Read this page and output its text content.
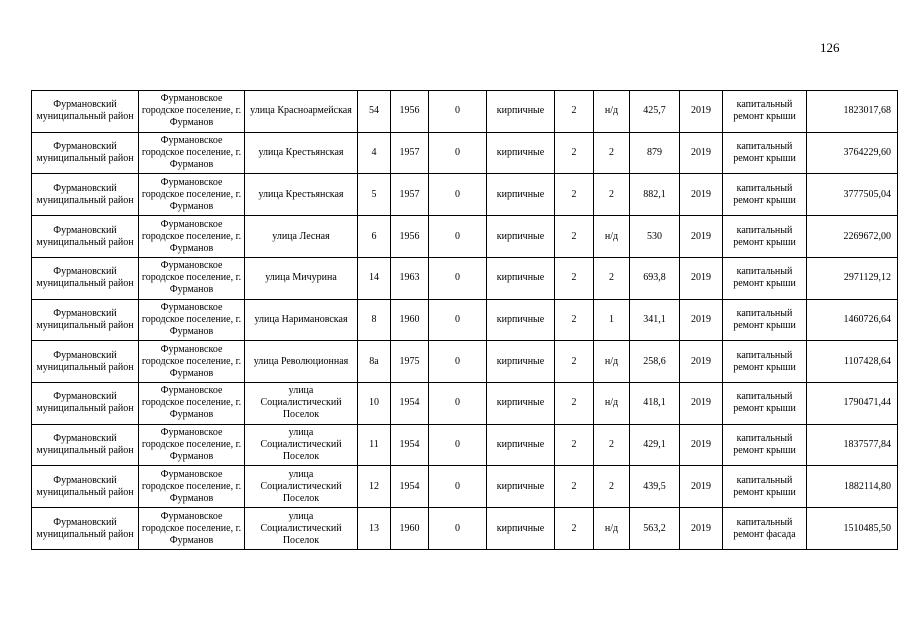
126
Фурмановский муниципальный район	Фурмановское городское поселение, г. Фурманов	улица Красноармейская	54	1956	0	кирпичные	2	н/д	425,7	2019	капитальный ремонт крыши	1823017,68
Фурмановский муниципальный район	Фурмановское городское поселение, г. Фурманов	улица Крестьянская	4	1957	0	кирпичные	2	2	879	2019	капитальный ремонт крыши	3764229,60
Фурмановский муниципальный район	Фурмановское городское поселение, г. Фурманов	улица Крестьянская	5	1957	0	кирпичные	2	2	882,1	2019	капитальный ремонт крыши	3777505,04
Фурмановский муниципальный район	Фурмановское городское поселение, г. Фурманов	улица Лесная	6	1956	0	кирпичные	2	н/д	530	2019	капитальный ремонт крыши	2269672,00
Фурмановский муниципальный район	Фурмановское городское поселение, г. Фурманов	улица Мичурина	14	1963	0	кирпичные	2	2	693,8	2019	капитальный ремонт крыши	2971129,12
Фурмановский муниципальный район	Фурмановское городское поселение, г. Фурманов	улица Наримановская	8	1960	0	кирпичные	2	1	341,1	2019	капитальный ремонт крыши	1460726,64
Фурмановский муниципальный район	Фурмановское городское поселение, г. Фурманов	улица Революционная	8а	1975	0	кирпичные	2	н/д	258,6	2019	капитальный ремонт крыши	1107428,64
Фурмановский муниципальный район	Фурмановское городское поселение, г. Фурманов	улица Социалистический Поселок	10	1954	0	кирпичные	2	н/д	418,1	2019	капитальный ремонт крыши	1790471,44
Фурмановский муниципальный район	Фурмановское городское поселение, г. Фурманов	улица Социалистический Поселок	11	1954	0	кирпичные	2	2	429,1	2019	капитальный ремонт крыши	1837577,84
Фурмановский муниципальный район	Фурмановское городское поселение, г. Фурманов	улица Социалистический Поселок	12	1954	0	кирпичные	2	2	439,5	2019	капитальный ремонт крыши	1882114,80
Фурмановский муниципальный район	Фурмановское городское поселение, г. Фурманов	улица Социалистический Поселок	13	1960	0	кирпичные	2	н/д	563,2	2019	капитальный ремонт фасада	1510485,50
